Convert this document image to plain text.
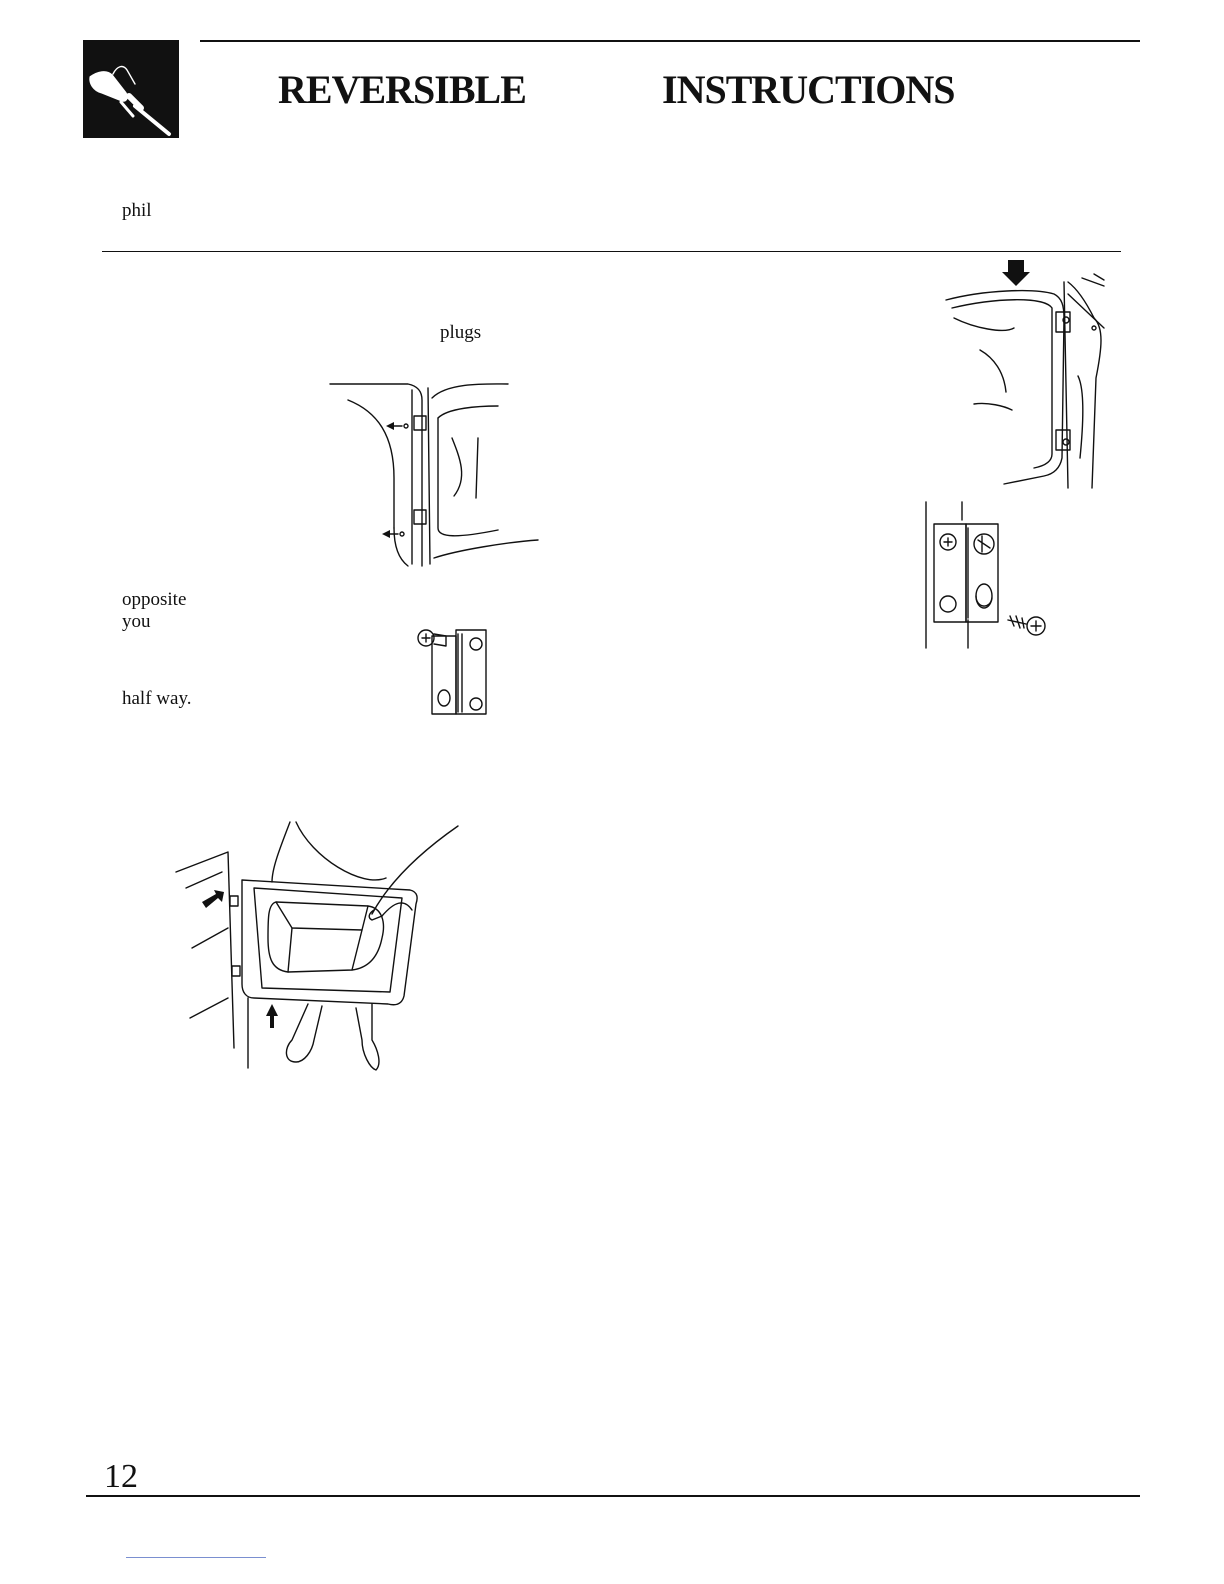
REVERSIBLE	INSTRUCTIONS
phil
plugs
opposite
you
half way.
12
